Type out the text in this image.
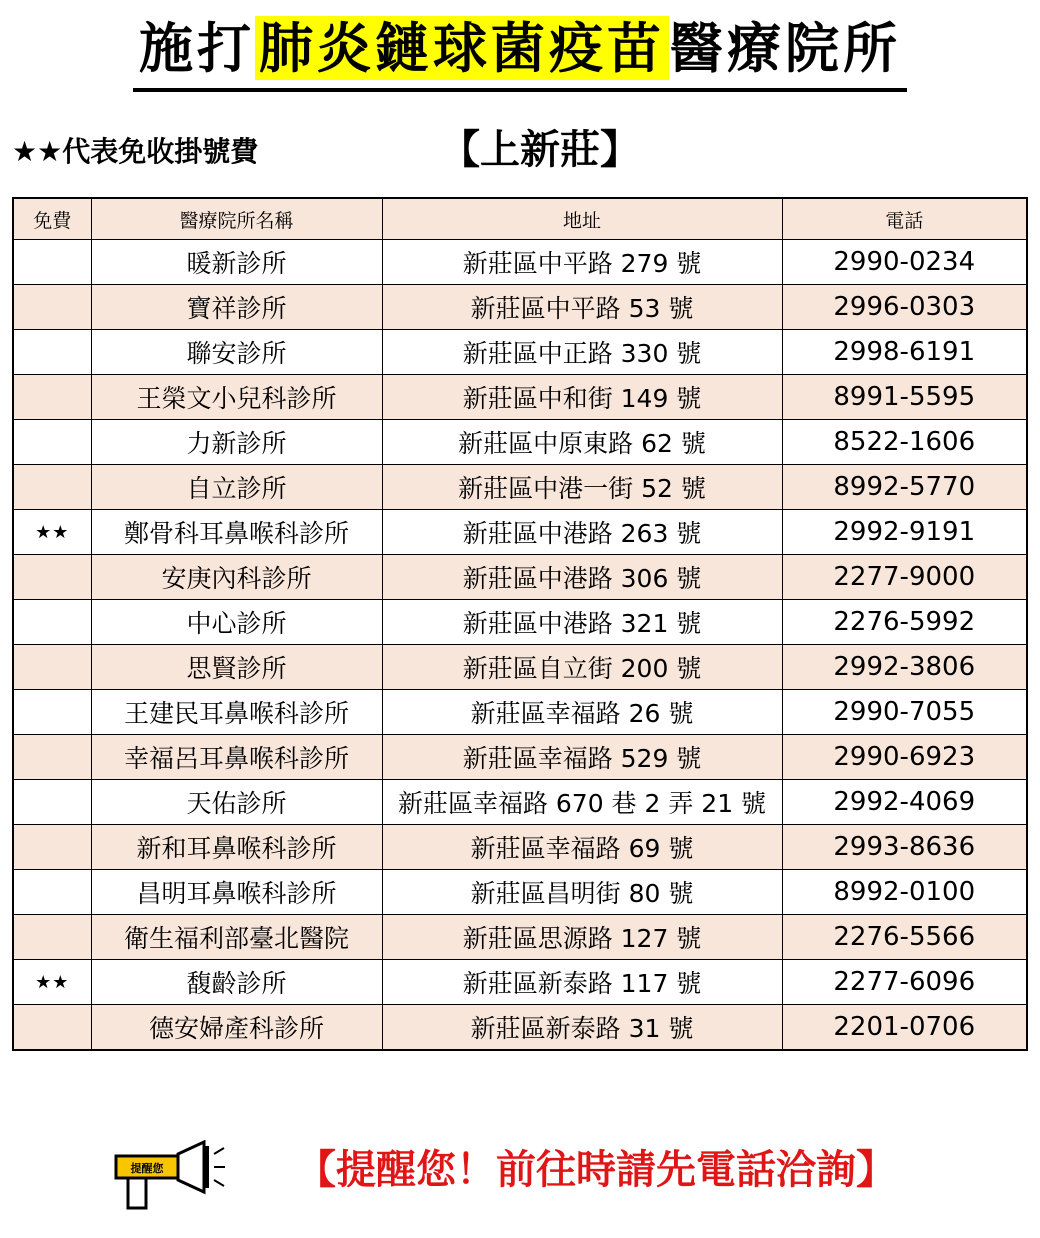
施打肺炎鏈球菌疫苗醫療院所
★★代表免收掛號費	【上新莊】
免費	醫療院所名稱	地址	電話
	暖新診所	新莊區中平路 279 號	2990-0234
	寶祥診所	新莊區中平路 53 號	2996-0303
	聯安診所	新莊區中正路 330 號	2998-6191
	王榮文小兒科診所	新莊區中和街 149 號	8991-5595
	力新診所	新莊區中原東路 62 號	8522-1606
	自立診所	新莊區中港一街 52 號	8992-5770
★★	鄭骨科耳鼻喉科診所	新莊區中港路 263 號	2992-9191
	安庚內科診所	新莊區中港路 306 號	2277-9000
	中心診所	新莊區中港路 321 號	2276-5992
	思賢診所	新莊區自立街 200 號	2992-3806
	王建民耳鼻喉科診所	新莊區幸福路 26 號	2990-7055
	幸福呂耳鼻喉科診所	新莊區幸福路 529 號	2990-6923
	天佑診所	新莊區幸福路 670 巷 2 弄 21 號	2992-4069
	新和耳鼻喉科診所	新莊區幸福路 69 號	2993-8636
	昌明耳鼻喉科診所	新莊區昌明街 80 號	8992-0100
	衛生福利部臺北醫院	新莊區思源路 127 號	2276-5566
★★	馥齡診所	新莊區新泰路 117 號	2277-6096
	德安婦產科診所	新莊區新泰路 31 號	2201-0706
提醒您	【提醒您！前往時請先電話洽詢】
